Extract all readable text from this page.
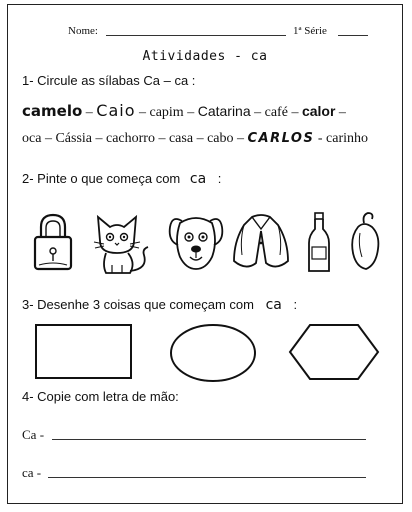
Nome:	1ª Série
Atividades - ca
1- Circule as sílabas Ca – ca :
camelo – Caio – capim – Catarina – café – calor –
oca – Cássia – cachorro – casa – cabo – CARLOS - carinho
2- Pinte o que começa com ca :
3- Desenhe 3 coisas que começam com ca :
4- Copie com letra de mão:
Ca -
ca -
